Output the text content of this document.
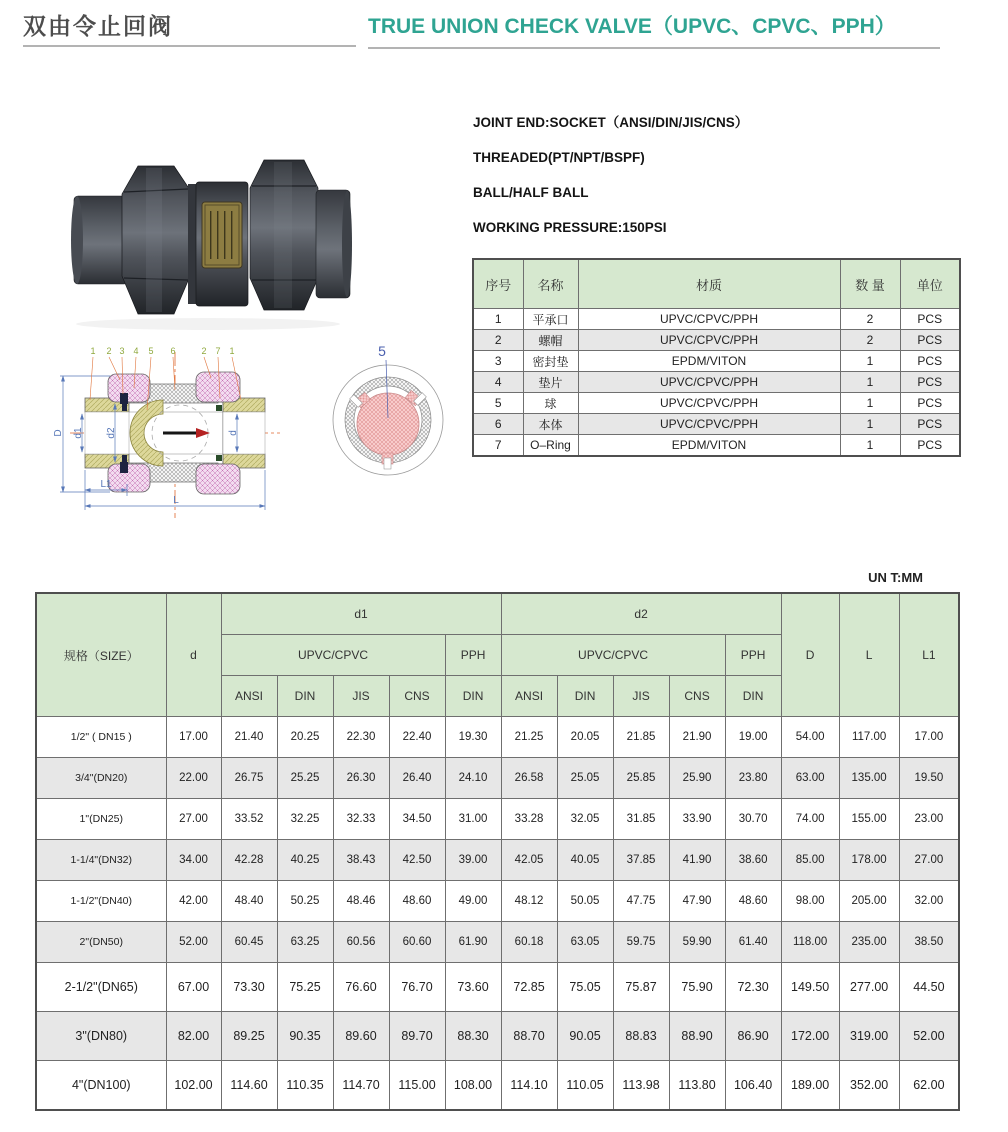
双由令止回阀	TRUE UNION CHECK VALVE（UPVC、CPVC、PPH）
JOINT END:SOCKET（ANSI/DIN/JIS/CNS）
THREADED(PT/NPT/BSPF)
BALL/HALF BALL
WORKING PRESSURE:150PSI
序号	名称	材质	数 量	单位
1	平承口	UPVC/CPVC/PPH	2	PCS
2	螺帽	UPVC/CPVC/PPH	2	PCS
3	密封垫	EPDM/VITON	1	PCS
4	垫片	UPVC/CPVC/PPH	1	PCS
5	球	UPVC/CPVC/PPH	1	PCS
6	本体	UPVC/CPVC/PPH	1	PCS
7	O–Ring	EPDM/VITON	1	PCS
D d1 d2	d
L1
L
1 2 3 4 5 6	2 7 1	5
UN T:MM
规格（SIZE）	d	d1					d2					D	L	L1
		UPVC/CPVC				PPH	UPVC/CPVC				PPH			
		ANSI	DIN	JIS	CNS	DIN	ANSI	DIN	JIS	CNS	DIN			
1/2" ( DN15 )	17.00	21.40	20.25	22.30	22.40	19.30	21.25	20.05	21.85	21.90	19.00	54.00	117.00	17.00
3/4"(DN20)	22.00	26.75	25.25	26.30	26.40	24.10	26.58	25.05	25.85	25.90	23.80	63.00	135.00	19.50
1"(DN25)	27.00	33.52	32.25	32.33	34.50	31.00	33.28	32.05	31.85	33.90	30.70	74.00	155.00	23.00
1-1/4"(DN32)	34.00	42.28	40.25	38.43	42.50	39.00	42.05	40.05	37.85	41.90	38.60	85.00	178.00	27.00
1-1/2"(DN40)	42.00	48.40	50.25	48.46	48.60	49.00	48.12	50.05	47.75	47.90	48.60	98.00	205.00	32.00
2"(DN50)	52.00	60.45	63.25	60.56	60.60	61.90	60.18	63.05	59.75	59.90	61.40	118.00	235.00	38.50
2-1/2"(DN65)	67.00	73.30	75.25	76.60	76.70	73.60	72.85	75.05	75.87	75.90	72.30	149.50	277.00	44.50
3"(DN80)	82.00	89.25	90.35	89.60	89.70	88.30	88.70	90.05	88.83	88.90	86.90	172.00	319.00	52.00
4"(DN100)	102.00	114.60	110.35	114.70	115.00	108.00	114.10	110.05	113.98	113.80	106.40	189.00	352.00	62.00
